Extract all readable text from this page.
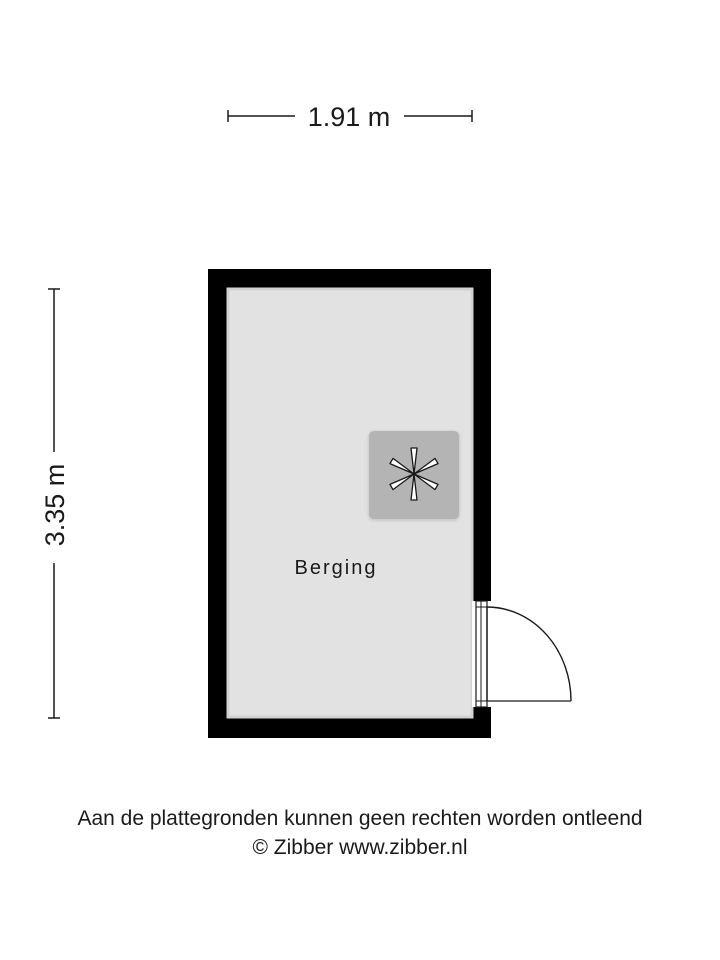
1.91 m
3.35 m
Berging

Aan de plattegronden kunnen geen rechten worden ontleend

© Zibber www.zibber.nl
